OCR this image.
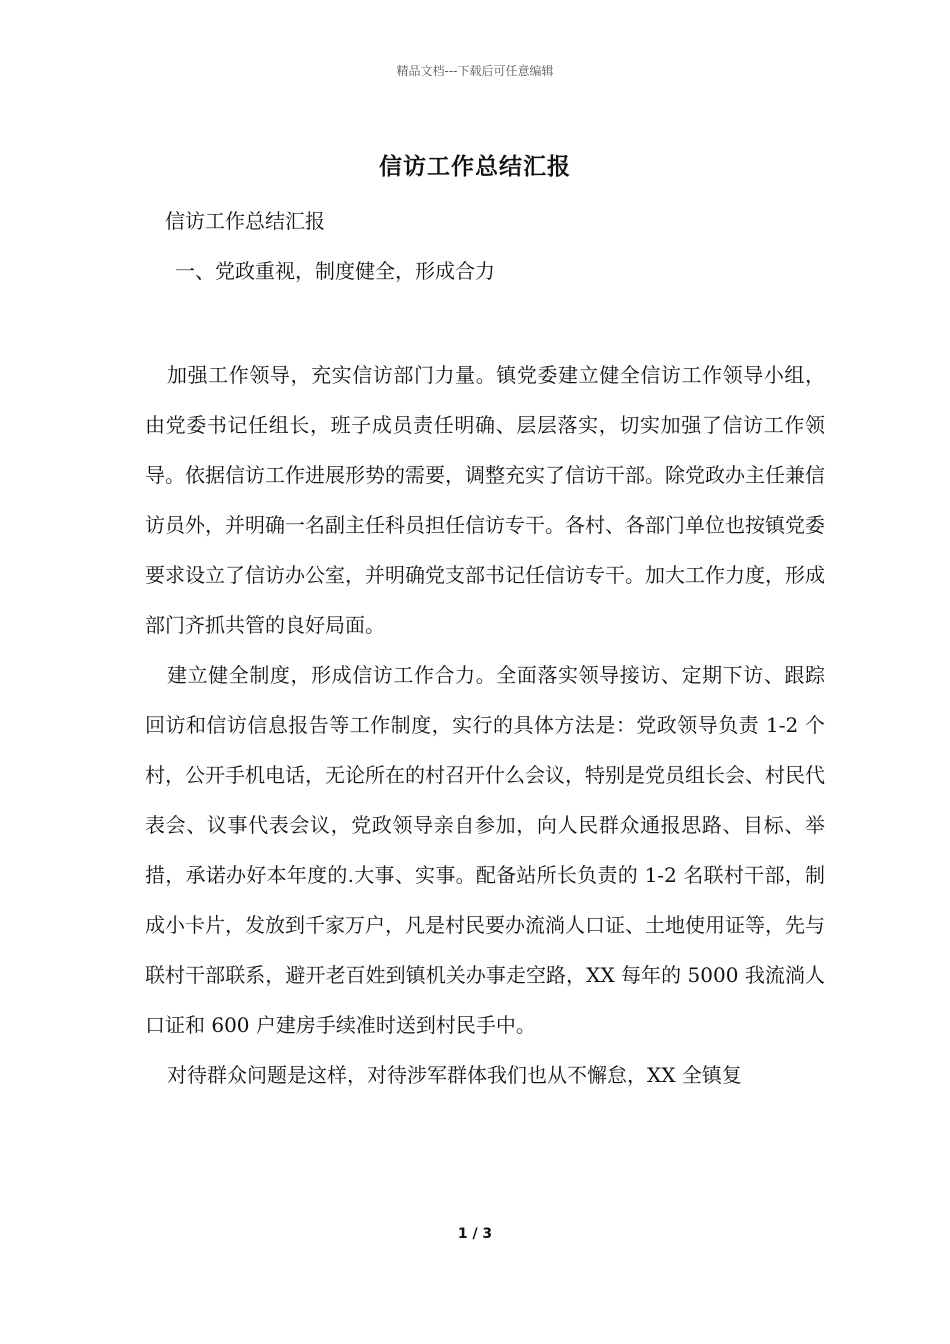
精品文档---下载后可任意编辑
信访工作总结汇报
信访工作总结汇报
一、党政重视，制度健全，形成合力

加强工作领导，充实信访部门力量。镇党委建立健全信访工作领导小组，由党委书记任组长，班子成员责任明确、层层落实，切实加强了信访工作领导。依据信访工作进展形势的需要，调整充实了信访干部。除党政办主任兼信访员外，并明确一名副主任科员担任信访专干。各村、各部门单位也按镇党委要求设立了信访办公室，并明确党支部书记任信访专干。加大工作力度，形成部门齐抓共管的良好局面。

建立健全制度，形成信访工作合力。全面落实领导接访、定期下访、跟踪回访和信访信息报告等工作制度，实行的具体方法是：党政领导负责 1-2 个村，公开手机电话，无论所在的村召开什么会议，特别是党员组长会、村民代表会、议事代表会议，党政领导亲自参加，向人民群众通报思路、目标、举措，承诺办好本年度的.大事、实事。配备站所长负责的 1-2 名联村干部，制成小卡片，发放到千家万户，凡是村民要办流淌人口证、土地使用证等，先与联村干部联系，避开老百姓到镇机关办事走空路，XX 每年的 5000 我流淌人口证和 600 户建房手续准时送到村民手中。

对待群众问题是这样，对待涉军群体我们也从不懈怠，XX 全镇复

1 / 3
